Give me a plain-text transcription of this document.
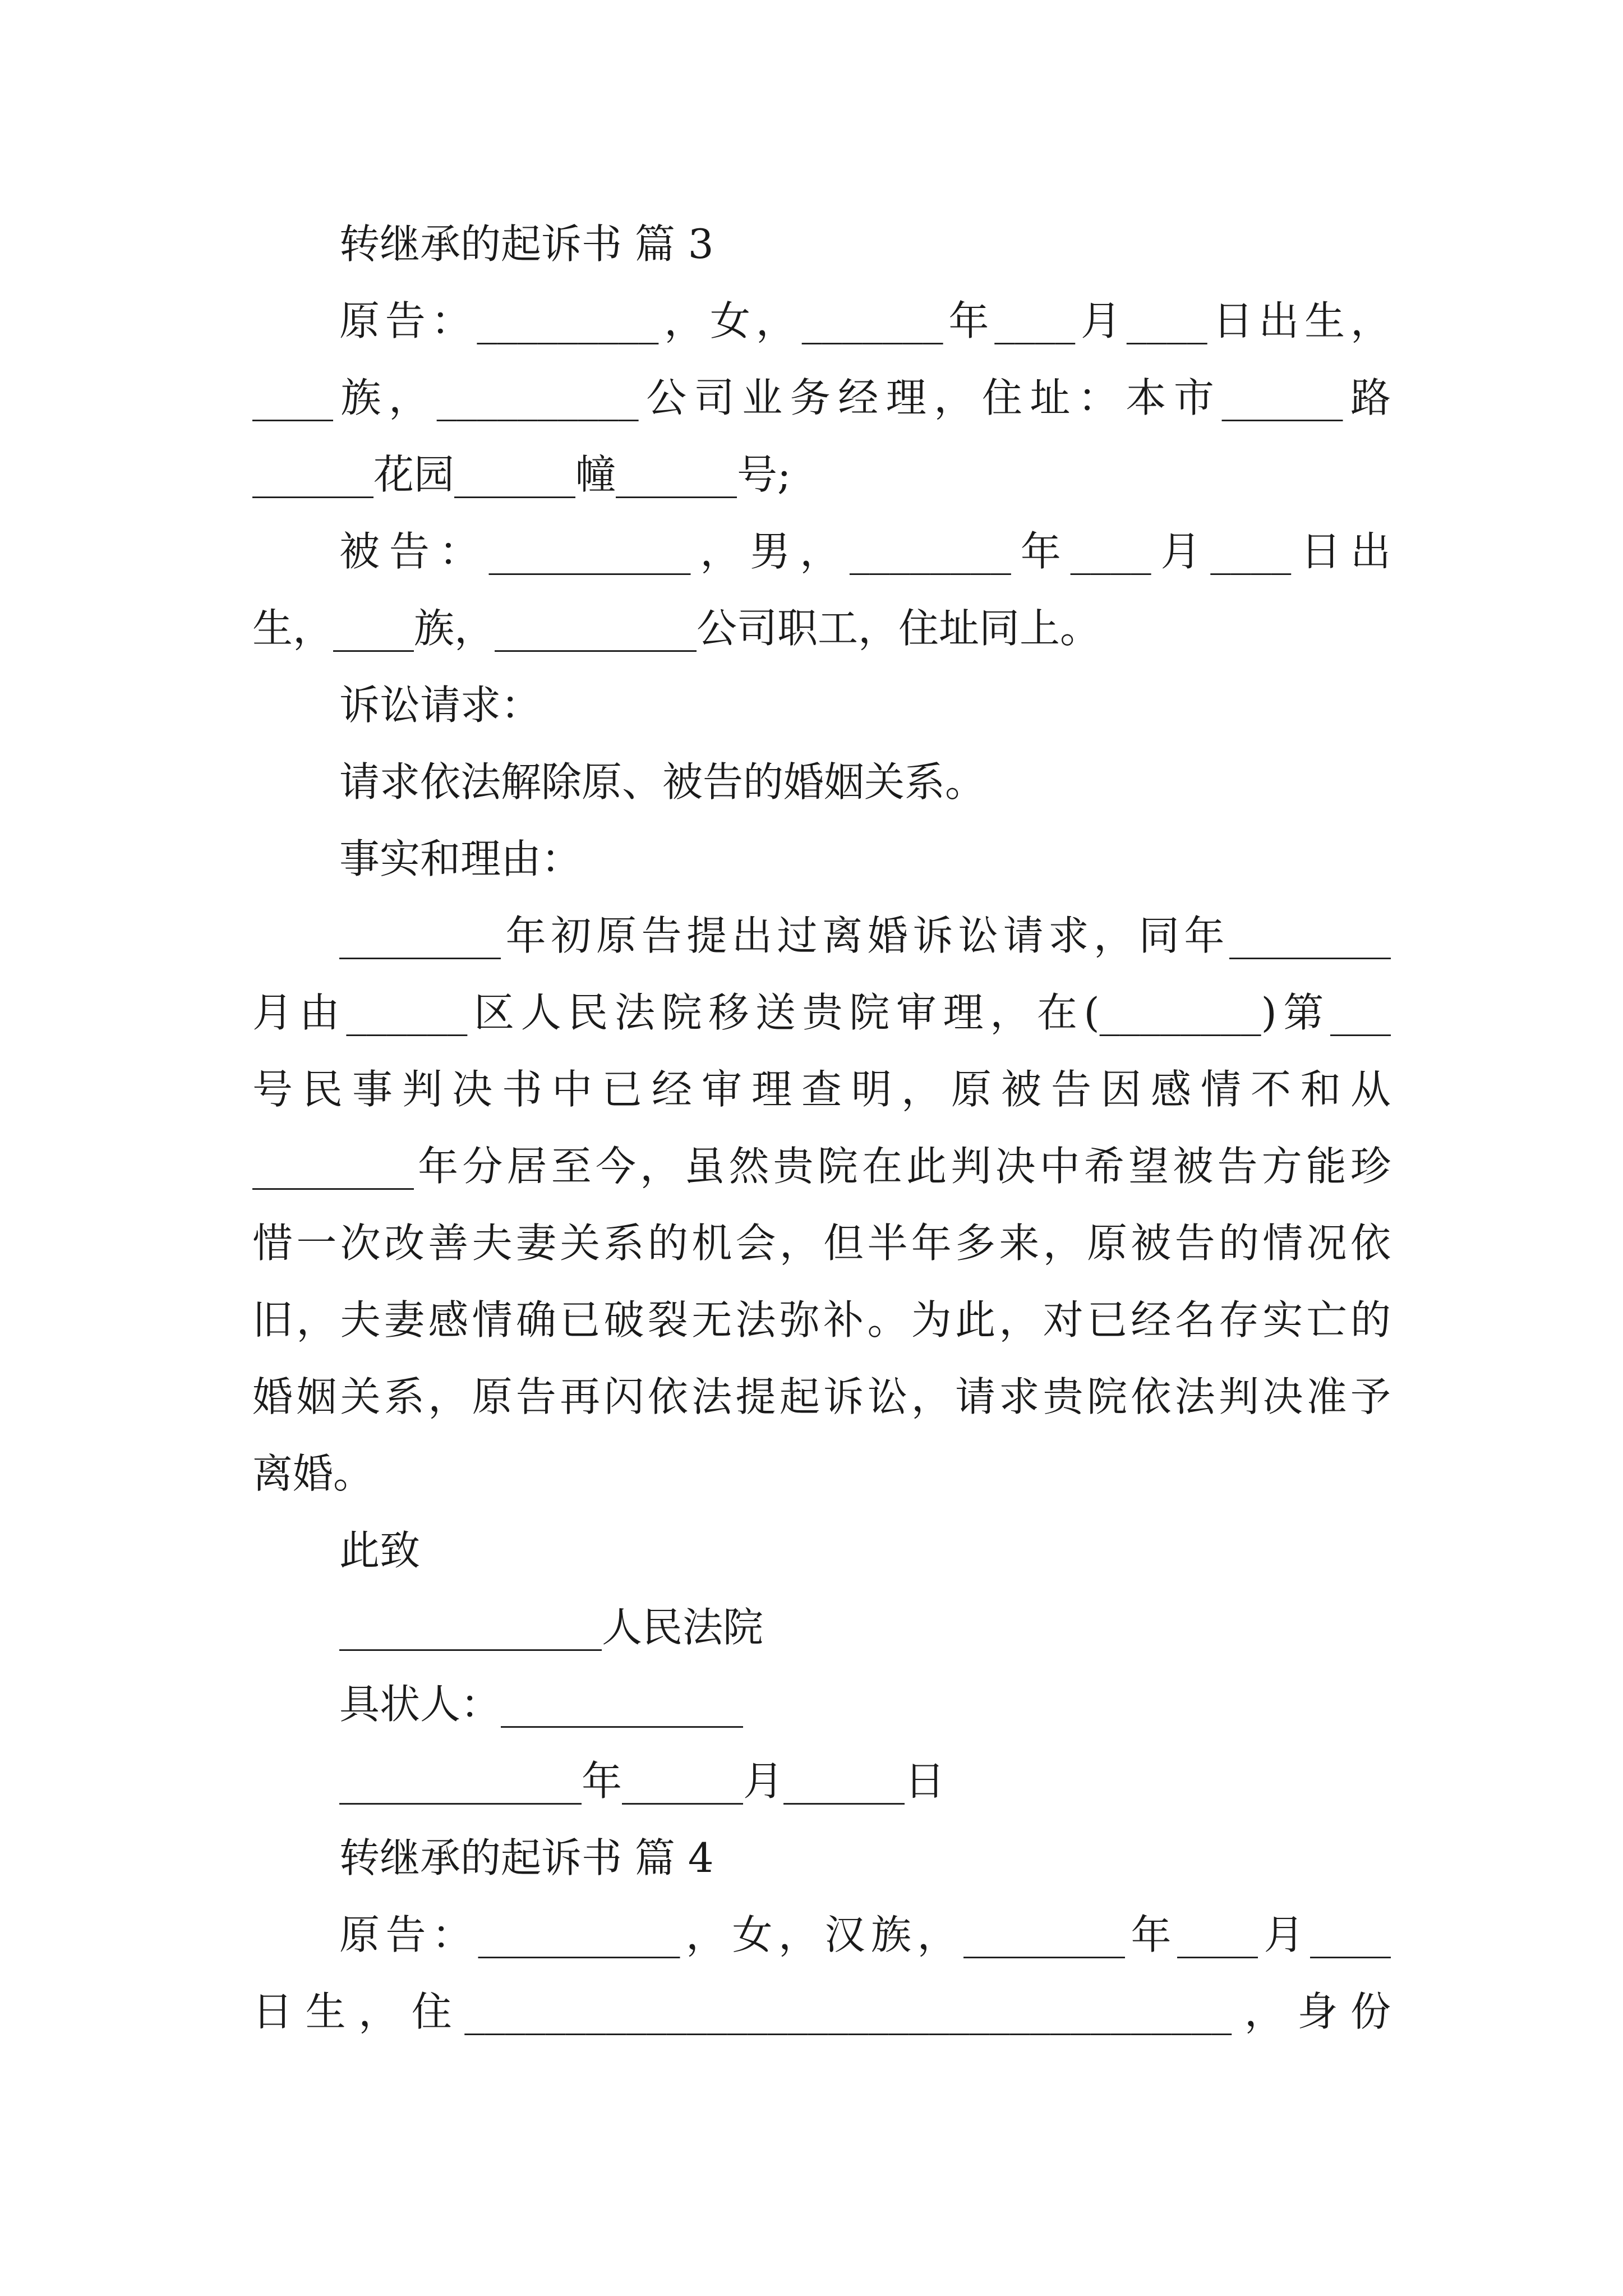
转继承的起诉书 篇 3
原告：_________，女，_______年____月____日出生，
____族，__________公司业务经理，住址：本市______路
______花园______幢______号;
被告：__________，男，________年____月____日出
生，____族，__________公司职工，住址同上。
诉讼请求：
请求依法解除原、被告的婚姻关系。
事实和理由：
________年初原告提出过离婚诉讼请求，同年________
月由______区人民法院移送贵院审理，在(________)第___
号民事判决书中已经审理查明，原被告因感情不和从
________年分居至今，虽然贵院在此判决中希望被告方能珍
惜一次改善夫妻关系的机会，但半年多来，原被告的情况依
旧，夫妻感情确已破裂无法弥补。为此，对已经名存实亡的
婚姻关系，原告再闪依法提起诉讼，请求贵院依法判决准予
离婚。
此致
_____________人民法院
具状人：____________
____________年______月______日
转继承的起诉书 篇 4
原告：__________，女，汉族，________年____月____
日生，住______________________________________，身份
